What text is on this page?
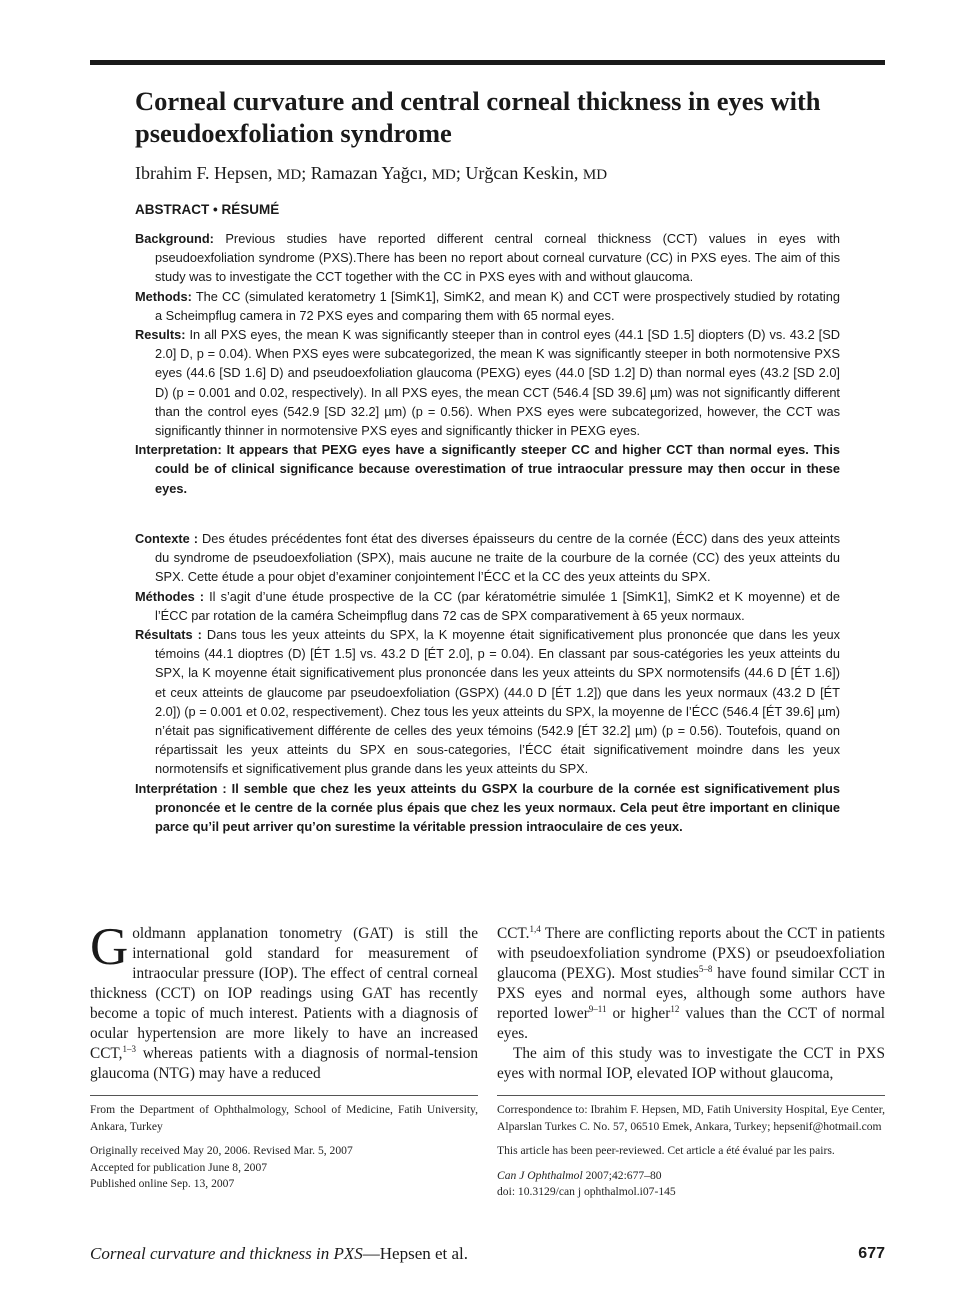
Corneal curvature and central corneal thickness in eyes with pseudoexfoliation syndrome
Ibrahim F. Hepsen, MD; Ramazan Yağcı, MD; Urğcan Keskin, MD
ABSTRACT • RÉSUMÉ

Background: Previous studies have reported different central corneal thickness (CCT) values in eyes with pseudoexfoliation syndrome (PXS).There has been no report about corneal curvature (CC) in PXS eyes. The aim of this study was to investigate the CCT together with the CC in PXS eyes with and without glaucoma.

Methods: The CC (simulated keratometry 1 [SimK1], SimK2, and mean K) and CCT were prospectively studied by rotating a Scheimpflug camera in 72 PXS eyes and comparing them with 65 normal eyes.

Results: In all PXS eyes, the mean K was significantly steeper than in control eyes (44.1 [SD 1.5] diopters (D) vs. 43.2 [SD 2.0] D, p = 0.04). When PXS eyes were subcategorized, the mean K was significantly steeper in both normotensive PXS eyes (44.6 [SD 1.6] D) and pseudoexfoliation glaucoma (PEXG) eyes (44.0 [SD 1.2] D) than normal eyes (43.2 [SD 2.0] D) (p = 0.001 and 0.02, respectively). In all PXS eyes, the mean CCT (546.4 [SD 39.6] µm) was not significantly different than the control eyes (542.9 [SD 32.2] µm) (p = 0.56). When PXS eyes were subcategorized, however, the CCT was significantly thinner in normotensive PXS eyes and significantly thicker in PEXG eyes.

Interpretation: It appears that PEXG eyes have a significantly steeper CC and higher CCT than normal eyes. This could be of clinical significance because overestimation of true intraocular pressure may then occur in these eyes.

Contexte : Des études précédentes font état des diverses épaisseurs du centre de la cornée (ÉCC) dans des yeux atteints du syndrome de pseudoexfoliation (SPX), mais aucune ne traite de la courbure de la cornée (CC) des yeux atteints du SPX. Cette étude a pour objet d’examiner conjointement l’ÉCC et la CC des yeux atteints du SPX.

Méthodes : Il s’agit d’une étude prospective de la CC (par kératométrie simulée 1 [SimK1], SimK2 et K moyenne) et de l’ÉCC par rotation de la caméra Scheimpflug dans 72 cas de SPX comparativement à 65 yeux normaux.

Résultats : Dans tous les yeux atteints du SPX, la K moyenne était significativement plus prononcée que dans les yeux témoins (44.1 dioptres (D) [ÉT 1.5] vs. 43.2 D [ÉT 2.0], p = 0.04). En classant par sous-catégories les yeux atteints du SPX, la K moyenne était significativement plus prononcée dans les yeux atteints du SPX normotensifs (44.6 D [ÉT 1.6]) et ceux atteints de glaucome par pseudoexfoliation (GSPX) (44.0 D [ÉT 1.2]) que dans les yeux normaux (43.2 D [ÉT 2.0]) (p = 0.001 et 0.02, respectivement). Chez tous les yeux atteints du SPX, la moyenne de l’ÉCC (546.4 [ÉT 39.6] µm) n’était pas significativement différente de celles des yeux témoins (542.9 [ÉT 32.2] µm) (p = 0.56). Toutefois, quand on répartissait les yeux atteints du SPX en sous-categories, l’ÉCC était significativement moindre dans les yeux normotensifs et significativement plus grande dans les yeux atteints du SPX.

Interprétation : Il semble que chez les yeux atteints du GSPX la courbure de la cornée est significativement plus prononcée et le centre de la cornée plus épais que chez les yeux normaux. Cela peut être important en clinique parce qu’il peut arriver qu’on surestime la véritable pression intraoculaire de ces yeux.

Goldmann applanation tonometry (GAT) is still the international gold standard for measurement of intraocular pressure (IOP). The effect of central corneal thickness (CCT) on IOP readings using GAT has recently become a topic of much interest. Patients with a diagnosis of ocular hypertension are more likely to have an increased CCT,$^{1-3}$ whereas patients with a diagnosis of normal-tension glaucoma (NTG) may have a reduced

CCT.$^{1,4}$ There are conflicting reports about the CCT in patients with pseudoexfoliation syndrome (PXS) or pseudoexfoliation glaucoma (PEXG). Most studies$^{5-8}$ have found similar CCT in PXS eyes and normal eyes, although some authors have reported lower$^{9-11}$ or higher$^{12}$ values than the CCT of normal eyes.

The aim of this study was to investigate the CCT in PXS eyes with normal IOP, elevated IOP without glaucoma,

From the Department of Ophthalmology, School of Medicine, Fatih University, Ankara, Turkey

Originally received May 20, 2006. Revised Mar. 5, 2007

Accepted for publication June 8, 2007

Published online Sep. 13, 2007

Correspondence to: Ibrahim F. Hepsen, MD, Fatih University Hospital, Eye Center, Alparslan Turkes C. No. 57, 06510 Emek, Ankara, Turkey; hepsenif@hotmail.com

This article has been peer-reviewed. Cet article a été évalué par les pairs.

Can J Ophthalmol 2007;42:677–80

doi: 10.3129/can j ophthalmol.i07-145

Corneal curvature and thickness in PXS—Hepsen et al.	677
